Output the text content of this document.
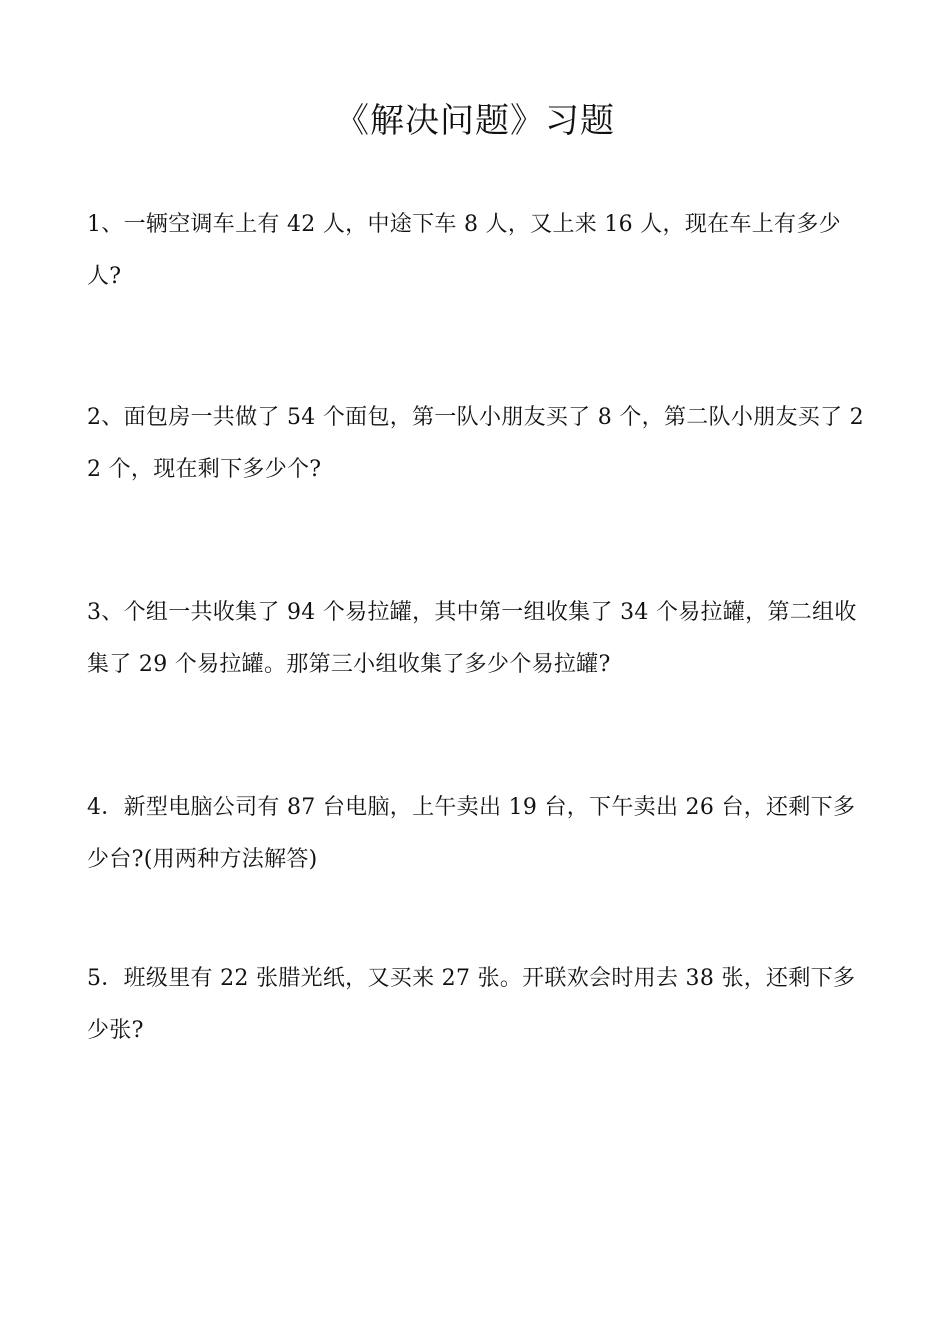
《解决问题》习题

1、一辆空调车上有 42 人，中途下车 8 人，又上来 16 人，现在车上有多少人?

2、面包房一共做了 54 个面包，第一队小朋友买了 8 个，第二队小朋友买了 22 个，现在剩下多少个?

3、个组一共收集了 94 个易拉罐，其中第一组收集了 34 个易拉罐，第二组收集了 29 个易拉罐。那第三小组收集了多少个易拉罐?

4．新型电脑公司有 87 台电脑，上午卖出 19 台，下午卖出 26 台，还剩下多少台?(用两种方法解答)

5．班级里有 22 张腊光纸，又买来 27 张。开联欢会时用去 38 张，还剩下多少张?
